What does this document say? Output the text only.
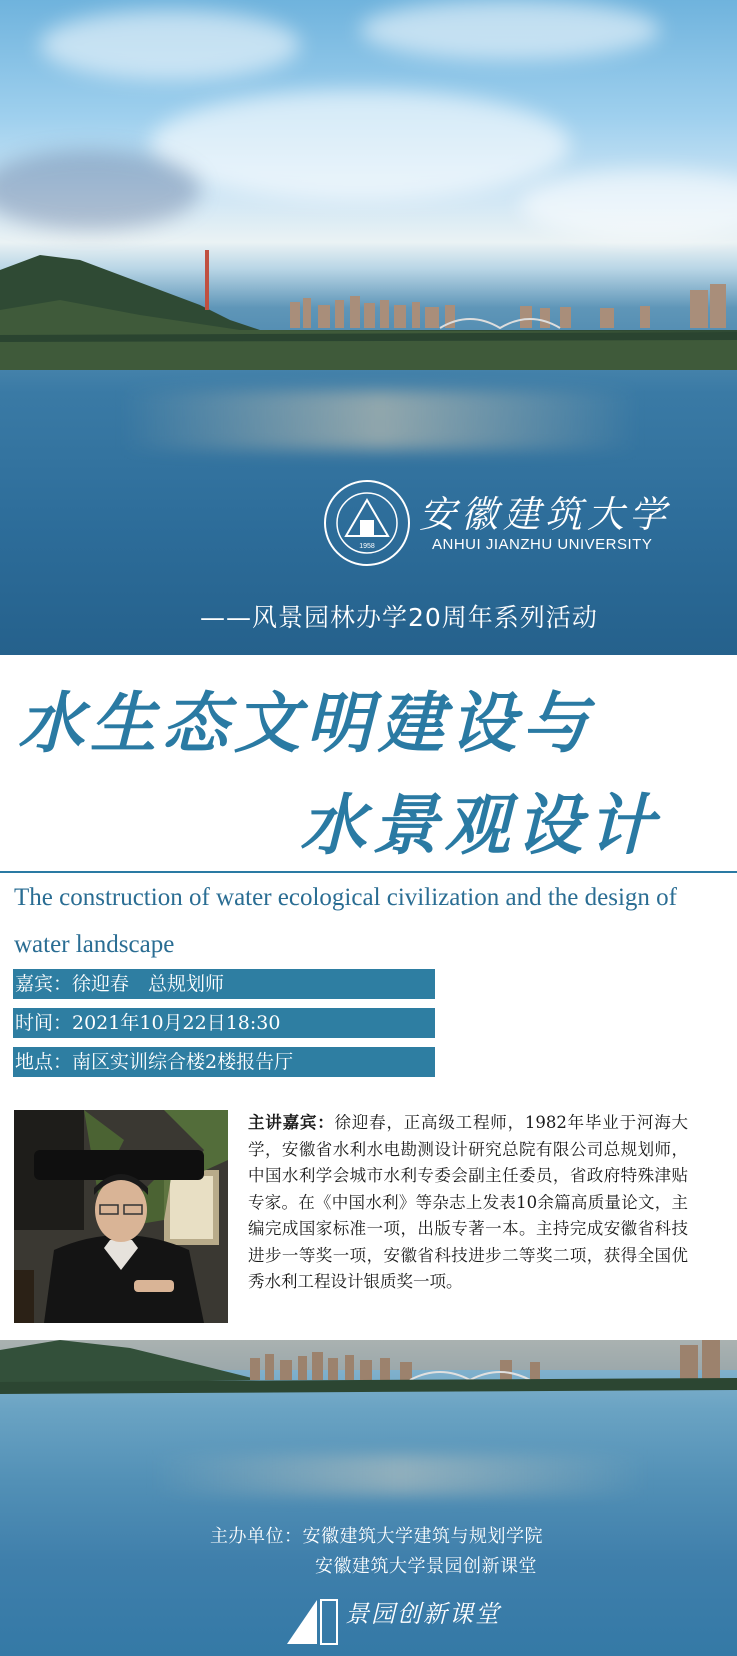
1958
安徽建筑大学
ANHUI JIANZHU UNIVERSITY
——风景园林办学20周年系列活动
水生态文明建设与
水景观设计
The construction of water ecological civilization and the design of water landscape
嘉宾：徐迎春　总规划师
时间：2021年10月22日18:30
地点：南区实训综合楼2楼报告厅
主讲嘉宾：徐迎春，正高级工程师，1982年毕业于河海大学，安徽省水利水电勘测设计研究总院有限公司总规划师，中国水利学会城市水利专委会副主任委员，省政府特殊津贴专家。在《中国水利》等杂志上发表10余篇高质量论文，主编完成国家标准一项，出版专著一本。主持完成安徽省科技进步一等奖一项，安徽省科技进步二等奖二项，获得全国优秀水利工程设计银质奖一项。
主办单位：安徽建筑大学建筑与规划学院
安徽建筑大学景园创新课堂
景园创新课堂
